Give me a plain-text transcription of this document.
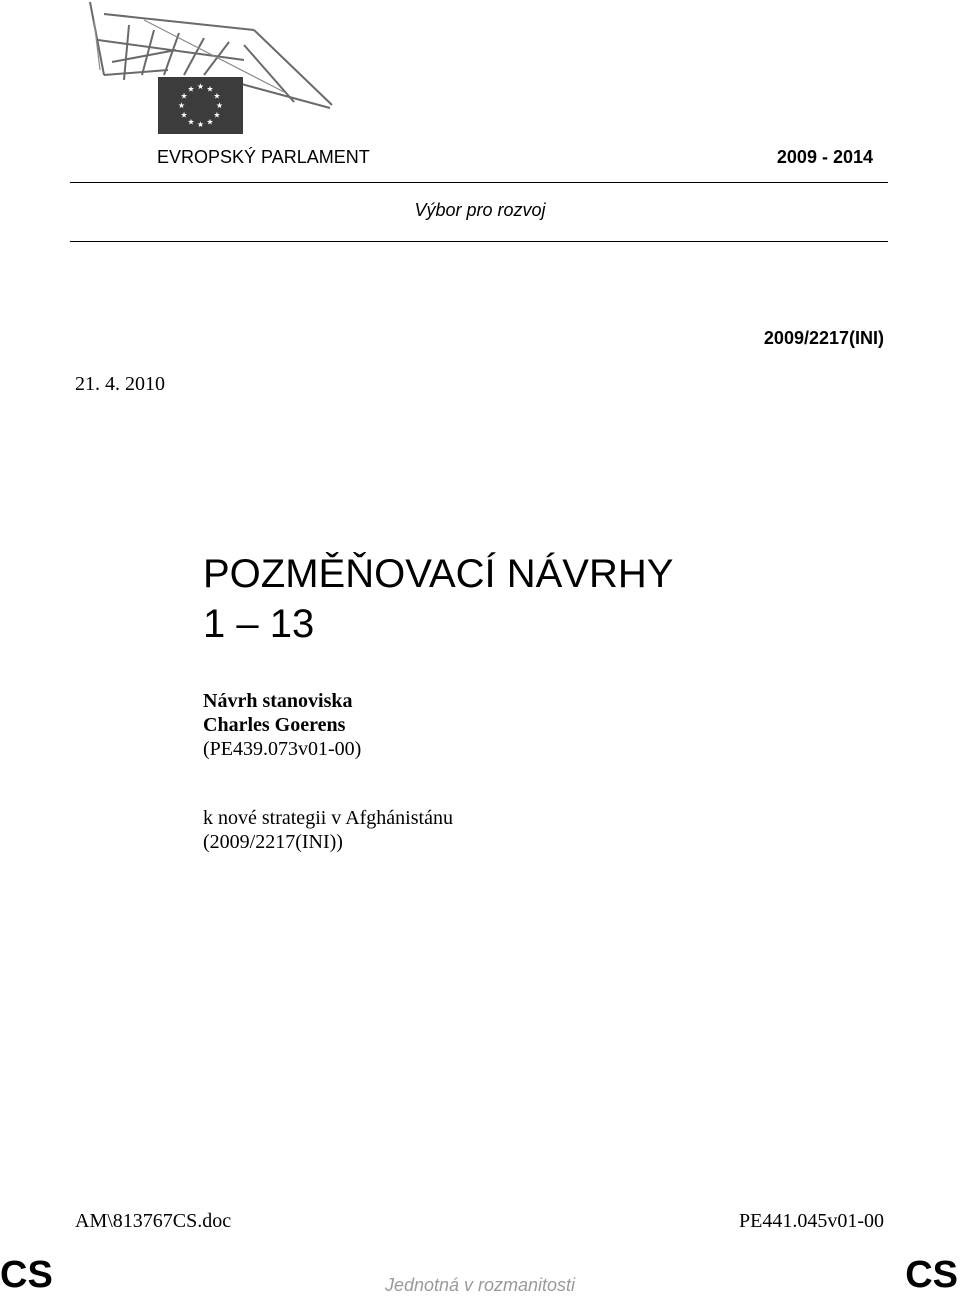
EVROPSKÝ PARLAMENT	2009 - 2014
Výbor pro rozvoj
2009/2217(INI)
21. 4. 2010
POZMĚŇOVACÍ NÁVRHY
1 – 13
Návrh stanoviska
Charles Goerens
(PE439.073v01-00)
k nové strategii v Afghánistánu
(2009/2217(INI))
AM\813767CS.doc	PE441.045v01-00
CS	Jednotná v rozmanitosti	CS
